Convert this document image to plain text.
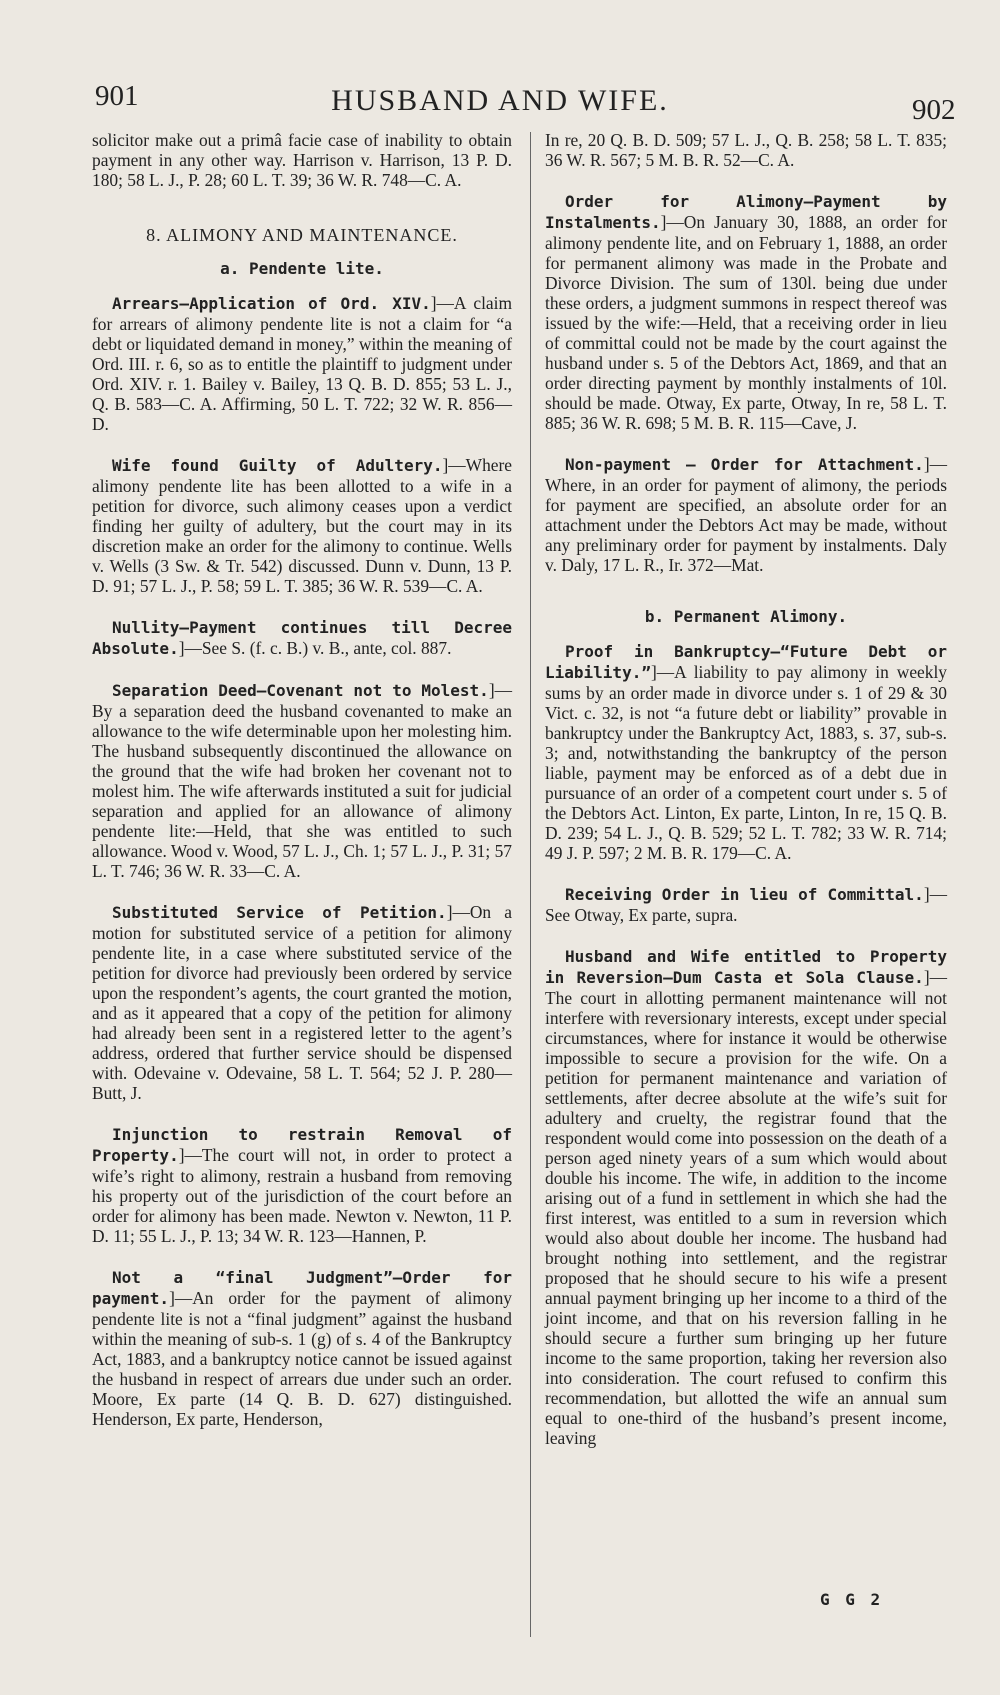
901	HUSBAND AND WIFE.	902

solicitor make out a primâ facie case of inability to obtain payment in any other way. Harrison v. Harrison, 13 P. D. 180; 58 L. J., P. 28; 60 L. T. 39; 36 W. R. 748—C. A.

8. ALIMONY AND MAINTENANCE.
a. Pendente lite.

Arrears—Application of Ord. XIV.]—A claim for arrears of alimony pendente lite is not a claim for “a debt or liquidated demand in money,” within the meaning of Ord. III. r. 6, so as to entitle the plaintiff to judgment under Ord. XIV. r. 1. Bailey v. Bailey, 13 Q. B. D. 855; 53 L. J., Q. B. 583—C. A. Affirming, 50 L. T. 722; 32 W. R. 856—D.

Wife found Guilty of Adultery.]—Where alimony pendente lite has been allotted to a wife in a petition for divorce, such alimony ceases upon a verdict finding her guilty of adultery, but the court may in its discretion make an order for the alimony to continue. Wells v. Wells (3 Sw. & Tr. 542) discussed. Dunn v. Dunn, 13 P. D. 91; 57 L. J., P. 58; 59 L. T. 385; 36 W. R. 539—C. A.

Nullity—Payment continues till Decree Absolute.]—See S. (f. c. B.) v. B., ante, col. 887.

Separation Deed—Covenant not to Molest.]—By a separation deed the husband covenanted to make an allowance to the wife determinable upon her molesting him. The husband subsequently discontinued the allowance on the ground that the wife had broken her covenant not to molest him. The wife afterwards instituted a suit for judicial separation and applied for an allowance of alimony pendente lite:—Held, that she was entitled to such allowance. Wood v. Wood, 57 L. J., Ch. 1; 57 L. J., P. 31; 57 L. T. 746; 36 W. R. 33—C. A.

Substituted Service of Petition.]—On a motion for substituted service of a petition for alimony pendente lite, in a case where substituted service of the petition for divorce had previously been ordered by service upon the respondent’s agents, the court granted the motion, and as it appeared that a copy of the petition for alimony had already been sent in a registered letter to the agent’s address, ordered that further service should be dispensed with. Odevaine v. Odevaine, 58 L. T. 564; 52 J. P. 280—Butt, J.

Injunction to restrain Removal of Property.]—The court will not, in order to protect a wife’s right to alimony, restrain a husband from removing his property out of the jurisdiction of the court before an order for alimony has been made. Newton v. Newton, 11 P. D. 11; 55 L. J., P. 13; 34 W. R. 123—Hannen, P.

Not a “final Judgment”—Order for payment.]—An order for the payment of alimony pendente lite is not a “final judgment” against the husband within the meaning of sub-s. 1 (g) of s. 4 of the Bankruptcy Act, 1883, and a bankruptcy notice cannot be issued against the husband in respect of arrears due under such an order. Moore, Ex parte (14 Q. B. D. 627) distinguished. Henderson, Ex parte, Henderson,

In re, 20 Q. B. D. 509; 57 L. J., Q. B. 258; 58 L. T. 835; 36 W. R. 567; 5 M. B. R. 52—C. A.

Order for Alimony—Payment by Instalments.]—On January 30, 1888, an order for alimony pendente lite, and on February 1, 1888, an order for permanent alimony was made in the Probate and Divorce Division. The sum of 130l. being due under these orders, a judgment summons in respect thereof was issued by the wife:—Held, that a receiving order in lieu of committal could not be made by the court against the husband under s. 5 of the Debtors Act, 1869, and that an order directing payment by monthly instalments of 10l. should be made. Otway, Ex parte, Otway, In re, 58 L. T. 885; 36 W. R. 698; 5 M. B. R. 115—Cave, J.

Non-payment — Order for Attachment.]—Where, in an order for payment of alimony, the periods for payment are specified, an absolute order for an attachment under the Debtors Act may be made, without any preliminary order for payment by instalments. Daly v. Daly, 17 L. R., Ir. 372—Mat.

b. Permanent Alimony.

Proof in Bankruptcy—“Future Debt or Liability.”]—A liability to pay alimony in weekly sums by an order made in divorce under s. 1 of 29 & 30 Vict. c. 32, is not “a future debt or liability” provable in bankruptcy under the Bankruptcy Act, 1883, s. 37, sub-s. 3; and, notwithstanding the bankruptcy of the person liable, payment may be enforced as of a debt due in pursuance of an order of a competent court under s. 5 of the Debtors Act. Linton, Ex parte, Linton, In re, 15 Q. B. D. 239; 54 L. J., Q. B. 529; 52 L. T. 782; 33 W. R. 714; 49 J. P. 597; 2 M. B. R. 179—C. A.

Receiving Order in lieu of Committal.]—See Otway, Ex parte, supra.

Husband and Wife entitled to Property in Reversion—Dum Casta et Sola Clause.]—The court in allotting permanent maintenance will not interfere with reversionary interests, except under special circumstances, where for instance it would be otherwise impossible to secure a provision for the wife. On a petition for permanent maintenance and variation of settlements, after decree absolute at the wife’s suit for adultery and cruelty, the registrar found that the respondent would come into possession on the death of a person aged ninety years of a sum which would about double his income. The wife, in addition to the income arising out of a fund in settlement in which she had the first interest, was entitled to a sum in reversion which would also about double her income. The husband had brought nothing into settlement, and the registrar proposed that he should secure to his wife a present annual payment bringing up her income to a third of the joint income, and that on his reversion falling in he should secure a further sum bringing up her future income to the same proportion, taking her reversion also into consideration. The court refused to confirm this recommendation, but allotted the wife an annual sum equal to one-third of the husband’s present income, leaving

G G 2
